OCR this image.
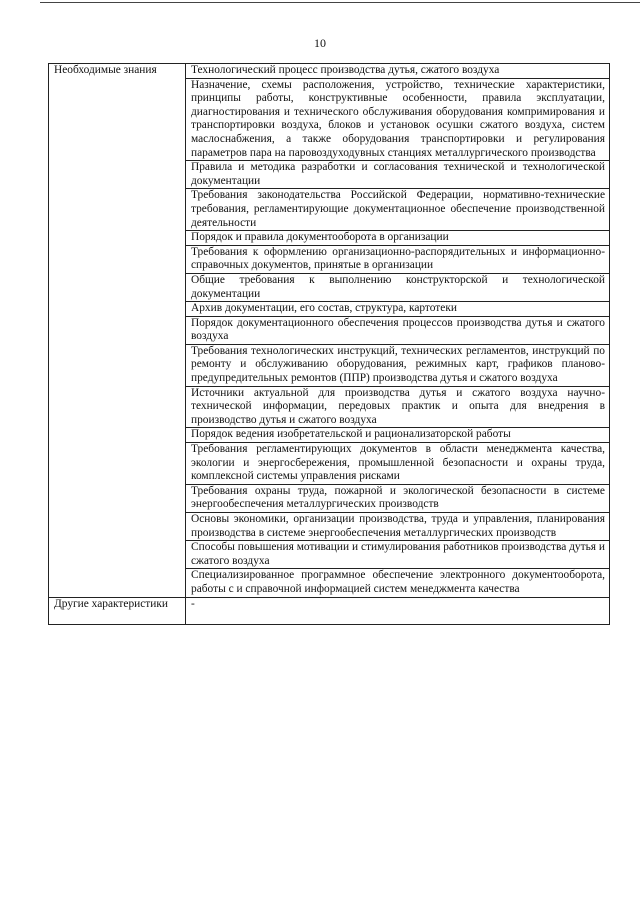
10
Необходимые знания	Технологический процесс производства дутья, сжатого воздуха
	Назначение, схемы расположения, устройство, технические характеристики, принципы работы, конструктивные особенности, правила эксплуатации, диагностирования и технического обслуживания оборудования компримирования и транспортировки воздуха, блоков и установок осушки сжатого воздуха, систем маслоснабжения, а также оборудования транспортировки и регулирования параметров пара на паровоздуходувных станциях металлургического производства
	Правила и методика разработки и согласования технической и технологической документации
	Требования законодательства Российской Федерации, нормативно-технические требования, регламентирующие документационное обеспечение производственной деятельности
	Порядок и правила документооборота в организации
	Требования к оформлению организационно-распорядительных и информационно-справочных документов, принятые в организации
	Общие требования к выполнению конструкторской и технологической документации
	Архив документации, его состав, структура, картотеки
	Порядок документационного обеспечения процессов производства дутья и сжатого воздуха
	Требования технологических инструкций, технических регламентов, инструкций по ремонту и обслуживанию оборудования, режимных карт, графиков планово-предупредительных ремонтов (ППР) производства дутья и сжатого воздуха
	Источники актуальной для производства дутья и сжатого воздуха научно-технической информации, передовых практик и опыта для внедрения в производство дутья и сжатого воздуха
	Порядок ведения изобретательской и рационализаторской работы
	Требования регламентирующих документов в области менеджмента качества, экологии и энергосбережения, промышленной безопасности и охраны труда, комплексной системы управления рисками
	Требования охраны труда, пожарной и экологической безопасности в системе энергообеспечения металлургических производств
	Основы экономики, организации производства, труда и управления, планирования производства в системе энергообеспечения металлургических производств
	Способы повышения мотивации и стимулирования работников производства дутья и сжатого воздуха
	Специализированное программное обеспечение электронного документооборота, работы с и справочной информацией систем менеджмента качества
Другие характеристики	-
